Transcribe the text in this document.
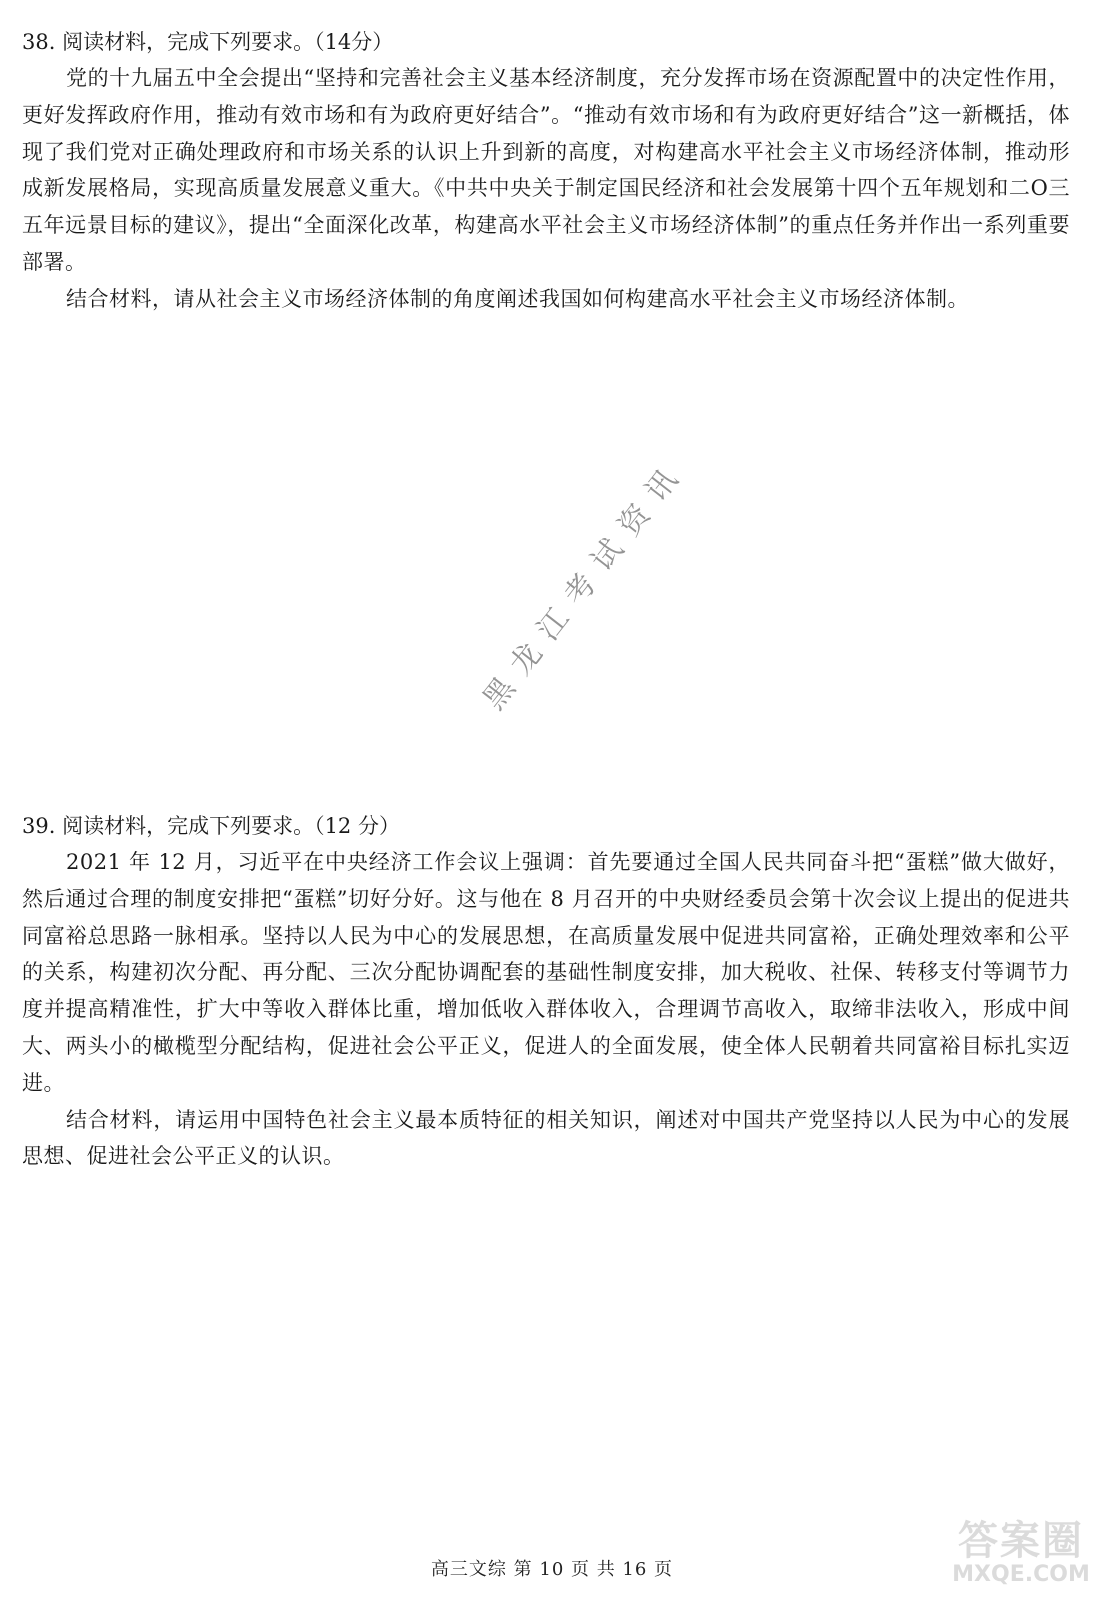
38. 阅读材料，完成下列要求。（14分）

党的十九届五中全会提出“坚持和完善社会主义基本经济制度，充分发挥市场在资源配置中的决定性作用，更好发挥政府作用，推动有效市场和有为政府更好结合”。“推动有效市场和有为政府更好结合”这一新概括，体现了我们党对正确处理政府和市场关系的认识上升到新的高度，对构建高水平社会主义市场经济体制，推动形成新发展格局，实现高质量发展意义重大。《中共中央关于制定国民经济和社会发展第十四个五年规划和二O三五年远景目标的建议》，提出“全面深化改革，构建高水平社会主义市场经济体制”的重点任务并作出一系列重要部署。

结合材料，请从社会主义市场经济体制的角度阐述我国如何构建高水平社会主义市场经济体制。

黑龙江考试资讯

39. 阅读材料，完成下列要求。（12 分）

2021 年 12 月，习近平在中央经济工作会议上强调：首先要通过全国人民共同奋斗把“蛋糕”做大做好，然后通过合理的制度安排把“蛋糕”切好分好。这与他在 8 月召开的中央财经委员会第十次会议上提出的促进共同富裕总思路一脉相承。坚持以人民为中心的发展思想，在高质量发展中促进共同富裕，正确处理效率和公平的关系，构建初次分配、再分配、三次分配协调配套的基础性制度安排，加大税收、社保、转移支付等调节力度并提高精准性，扩大中等收入群体比重，增加低收入群体收入，合理调节高收入，取缔非法收入，形成中间大、两头小的橄榄型分配结构，促进社会公平正义，促进人的全面发展，使全体人民朝着共同富裕目标扎实迈进。

结合材料，请运用中国特色社会主义最本质特征的相关知识，阐述对中国共产党坚持以人民为中心的发展思想、促进社会公平正义的认识。

高三文综 第 10 页 共 16 页
答案圈
MXQE.COM
